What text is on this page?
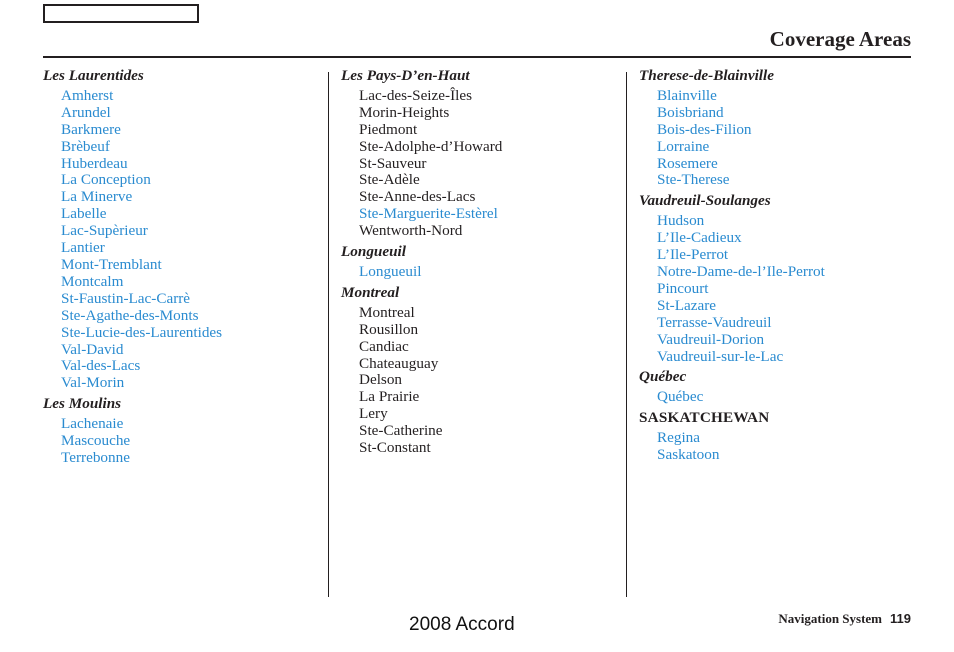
Coverage Areas
Les Laurentides
Amherst
Arundel
Barkmere
Brèbeuf
Huberdeau
La Conception
La Minerve
Labelle
Lac-Supèrieur
Lantier
Mont-Tremblant
Montcalm
St-Faustin-Lac-Carrè
Ste-Agathe-des-Monts
Ste-Lucie-des-Laurentides
Val-David
Val-des-Lacs
Val-Morin
Les Moulins
Lachenaie
Mascouche
Terrebonne
Les Pays-D’en-Haut
Lac-des-Seize-Îles
Morin-Heights
Piedmont
Ste-Adolphe-d’Howard
St-Sauveur
Ste-Adèle
Ste-Anne-des-Lacs
Ste-Marguerite-Estèrel
Wentworth-Nord
Longueuil
Longueuil
Montreal
Montreal
Rousillon
Candiac
Chateauguay
Delson
La Prairie
Lery
Ste-Catherine
St-Constant
Therese-de-Blainville
Blainville
Boisbriand
Bois-des-Filion
Lorraine
Rosemere
Ste-Therese
Vaudreuil-Soulanges
Hudson
L’Ile-Cadieux
L’Ile-Perrot
Notre-Dame-de-l’Ile-Perrot
Pincourt
St-Lazare
Terrasse-Vaudreuil
Vaudreuil-Dorion
Vaudreuil-sur-le-Lac
Québec
Québec
SASKATCHEWAN
Regina
Saskatoon
Navigation System 119
2008 Accord
